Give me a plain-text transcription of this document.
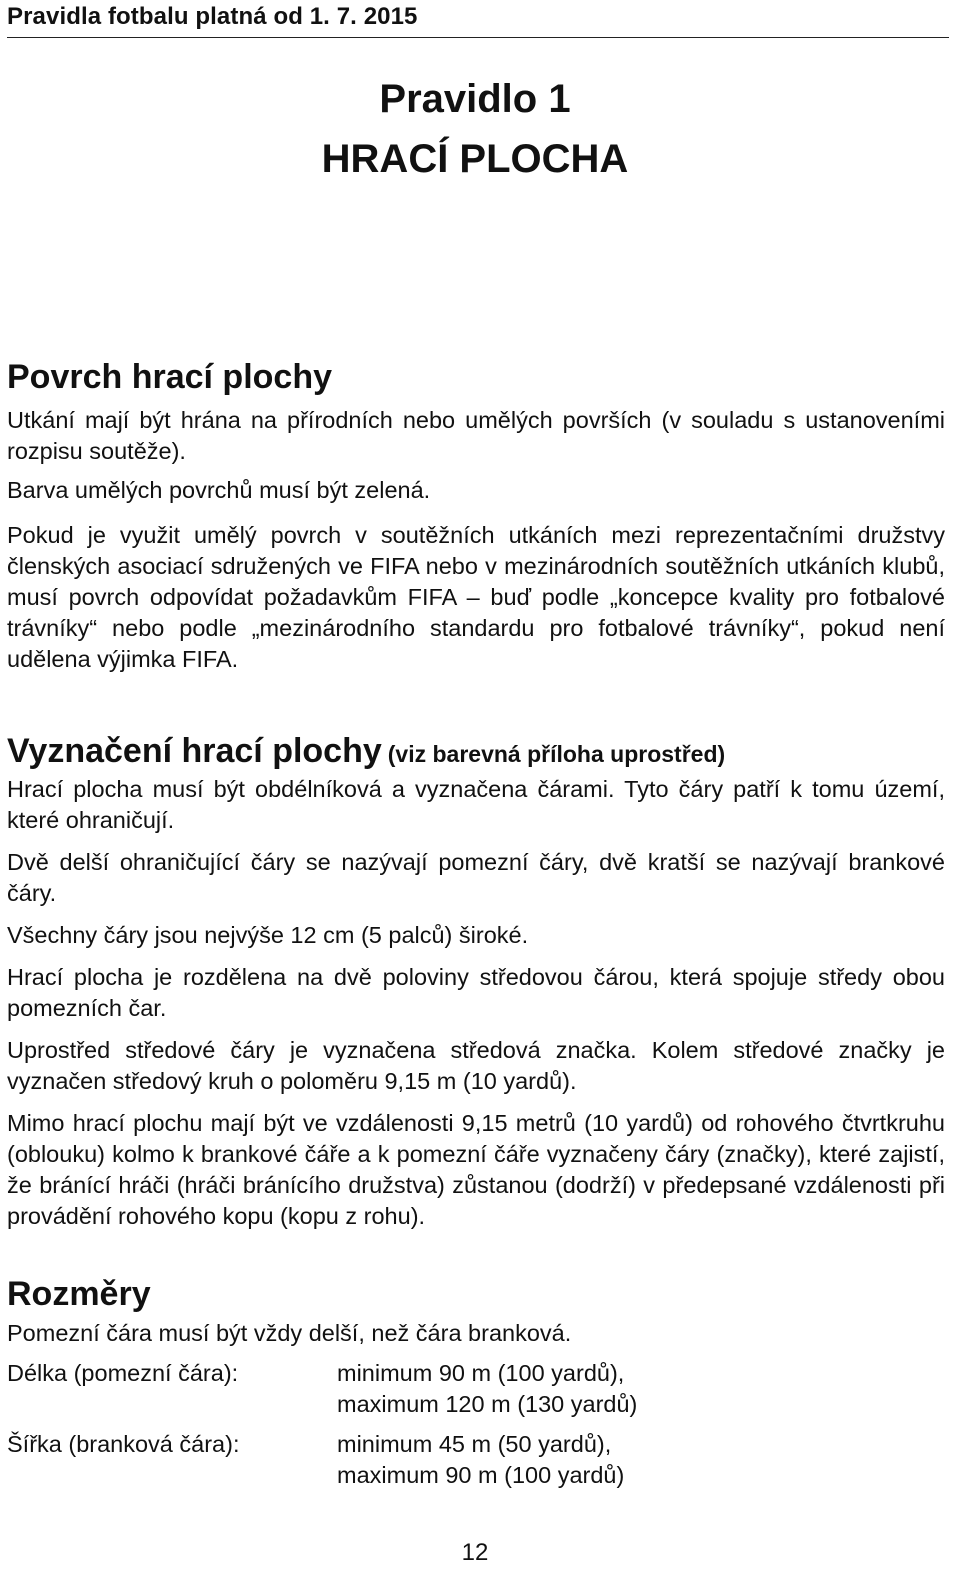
Pravidla fotbalu platná od 1. 7. 2015
Pravidlo 1
HRACÍ PLOCHA
Povrch hrací plochy

Utkání mají být hrána na přírodních nebo umělých površích (v souladu s ustanoveními rozpisu soutěže).

Barva umělých povrchů musí být zelená.

Pokud je využit umělý povrch v soutěžních utkáních mezi reprezentačními družstvy členských asociací sdružených ve FIFA nebo v mezinárodních soutěžních utkáních klubů, musí povrch odpovídat požadavkům FIFA – buď podle „koncepce kvality pro fotbalové trávníky“ nebo podle „mezinárodního standardu pro fotbalové trávníky“, pokud není udělena výjimka FIFA.

Vyznačení hrací plochy (viz barevná příloha uprostřed)

Hrací plocha musí být obdélníková a vyznačena čárami. Tyto čáry patří k tomu území, které ohraničují.

Dvě delší ohraničující čáry se nazývají pomezní čáry, dvě kratší se nazývají brankové čáry.

Všechny čáry jsou nejvýše 12 cm (5 palců) široké.

Hrací plocha je rozdělena na dvě poloviny středovou čárou, která spojuje středy obou pomezních čar.

Uprostřed středové čáry je vyznačena středová značka. Kolem středové značky je vyznačen středový kruh o poloměru 9,15 m (10 yardů).

Mimo hrací plochu mají být ve vzdálenosti 9,15 metrů (10 yardů) od rohového čtvrtkruhu (oblouku) kolmo k brankové čáře a k pomezní čáře vyznačeny čáry (značky), které zajistí, že bránící hráči (hráči bránícího družstva) zůstanou (dodrží) v předepsané vzdálenosti při provádění rohového kopu (kopu z rohu).

Rozměry

Pomezní čára musí být vždy delší, než čára branková.

Délka (pomezní čára):	minimum 90 m (100 yardů),
maximum 120 m (130 yardů)
Šířka (branková čára):	minimum 45 m (50 yardů),
maximum 90 m (100 yardů)
12
